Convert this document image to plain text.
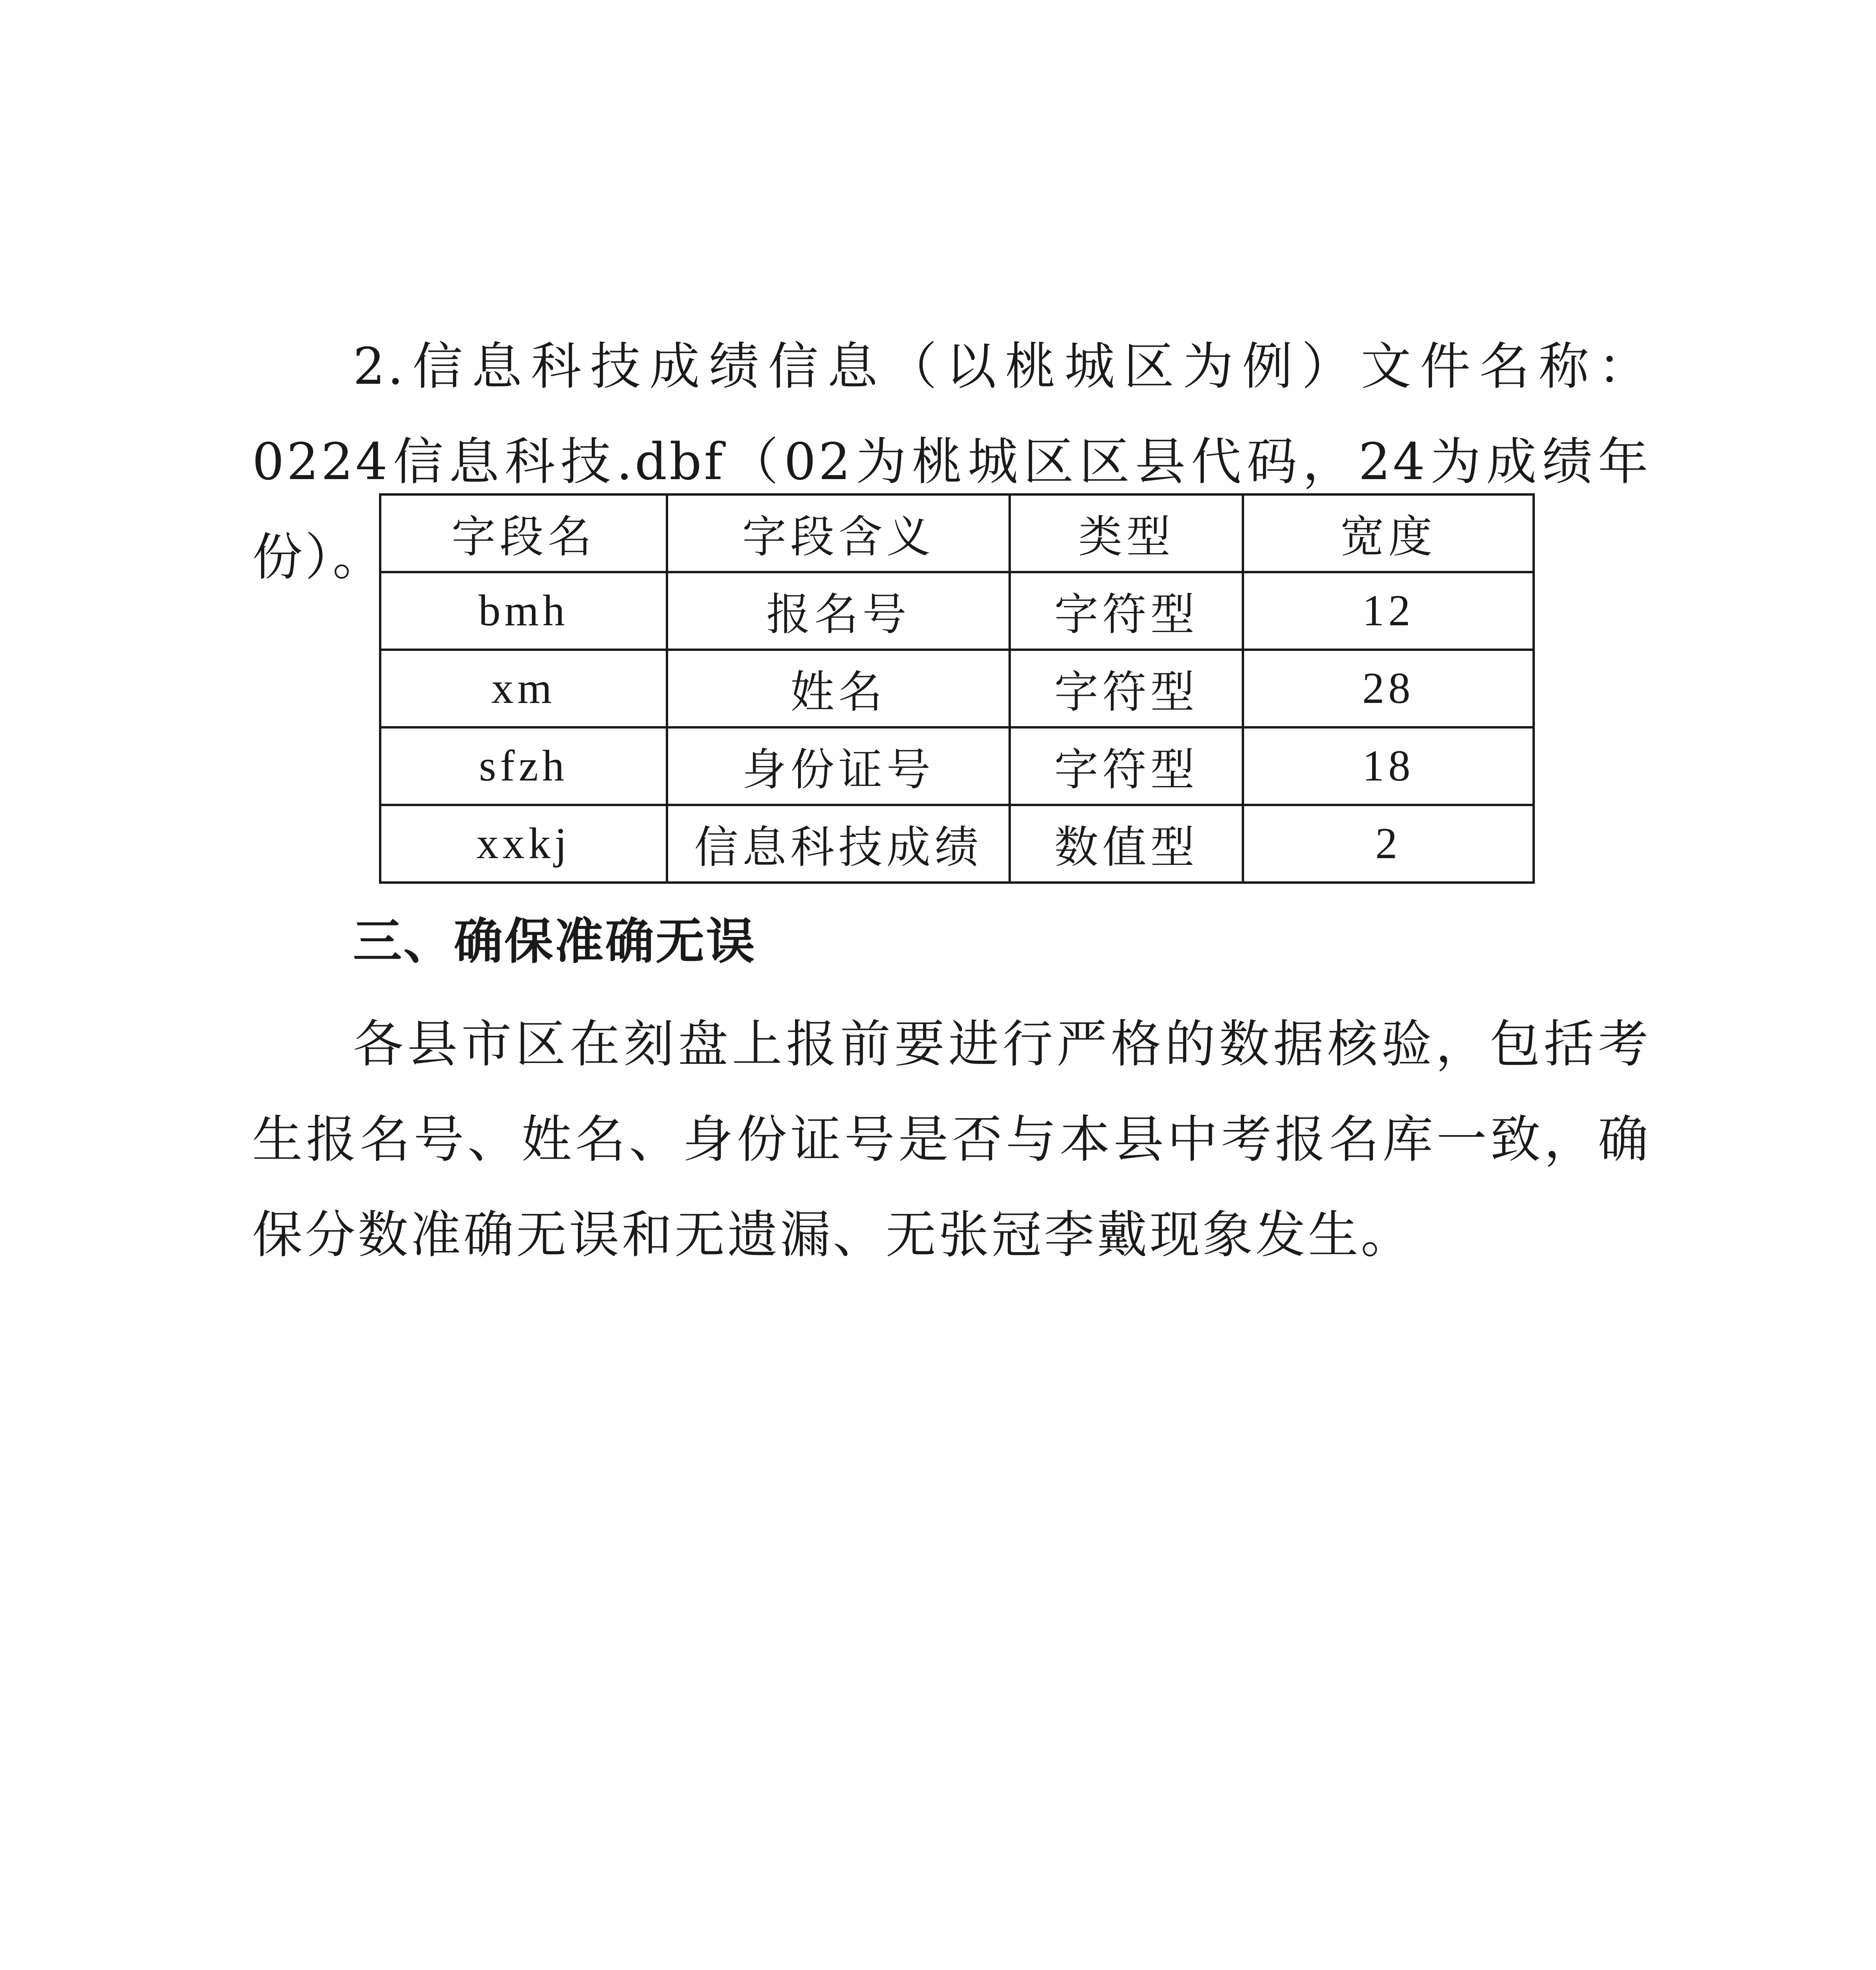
2.信息科技成绩信息（以桃城区为例）文件名称：0224信息科技.dbf（02为桃城区区县代码，24为成绩年份）。	字段名	字段含义	类型	宽度
bmh	报名号	字符型	12
xm	姓名	字符型	28
sfzh	身份证号	字符型	18
xxkj	信息科技成绩	数值型	2
三、确保准确无误

各县市区在刻盘上报前要进行严格的数据核验，包括考生报名号、姓名、身份证号是否与本县中考报名库一致，确保分数准确无误和无遗漏、无张冠李戴现象发生。
